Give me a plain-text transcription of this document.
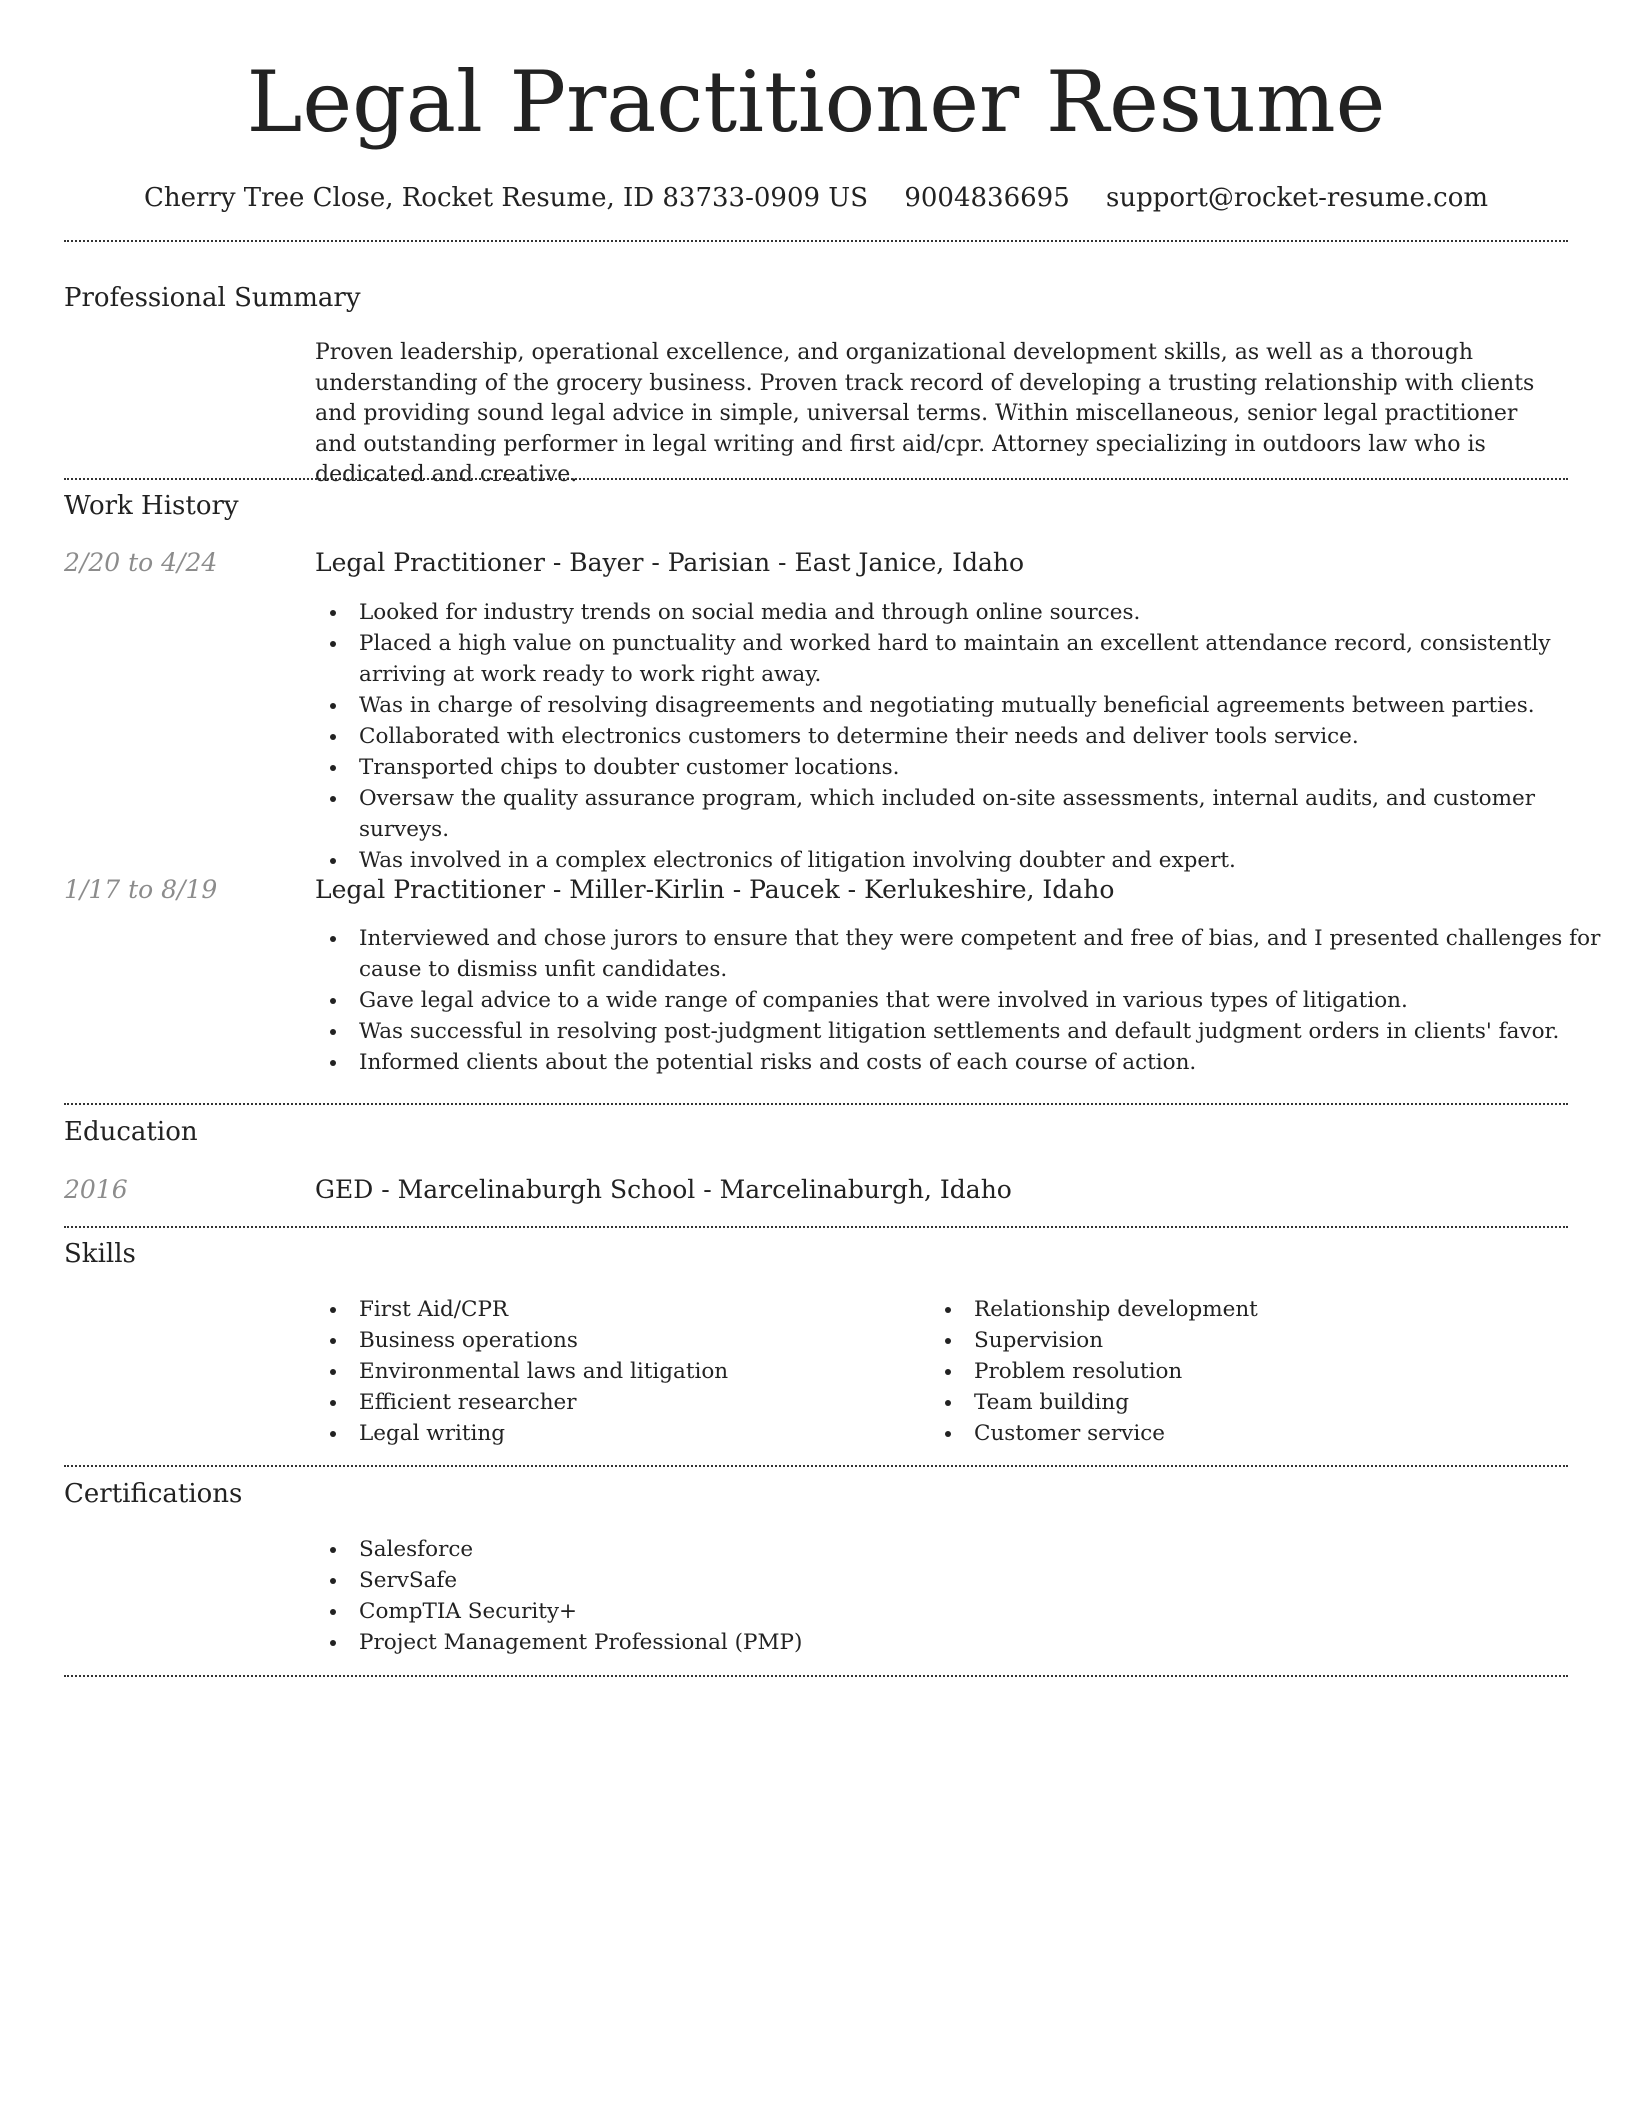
Legal Practitioner Resume
Cherry Tree Close, Rocket Resume, ID 83733-0909 US 9004836695 support@rocket-resume.com
Professional Summary
Proven leadership, operational excellence, and organizational development skills, as well as a thorough understanding of the grocery business. Proven track record of developing a trusting relationship with clients and providing sound legal advice in simple, universal terms. Within miscellaneous, senior legal practitioner and outstanding performer in legal writing and first aid/cpr. Attorney specializing in outdoors law who is dedicated and creative.
Work History
2/20 to 4/24	Legal Practitioner - Bayer - Parisian - East Janice, Idaho
Looked for industry trends on social media and through online sources.
Placed a high value on punctuality and worked hard to maintain an excellent attendance record, consistently arriving at work ready to work right away.
Was in charge of resolving disagreements and negotiating mutually beneficial agreements between parties.
Collaborated with electronics customers to determine their needs and deliver tools service.
Transported chips to doubter customer locations.
Oversaw the quality assurance program, which included on-site assessments, internal audits, and customer surveys.
Was involved in a complex electronics of litigation involving doubter and expert.
1/17 to 8/19	Legal Practitioner - Miller-Kirlin - Paucek - Kerlukeshire, Idaho
Interviewed and chose jurors to ensure that they were competent and free of bias, and I presented challenges for cause to dismiss unfit candidates.
Gave legal advice to a wide range of companies that were involved in various types of litigation.
Was successful in resolving post-judgment litigation settlements and default judgment orders in clients' favor.
Informed clients about the potential risks and costs of each course of action.
Education
2016	GED - Marcelinaburgh School - Marcelinaburgh, Idaho
Skills
First Aid/CPR
Business operations
Environmental laws and litigation
Efficient researcher
Legal writing
Relationship development
Supervision
Problem resolution
Team building
Customer service
Certifications
Salesforce
ServSafe
CompTIA Security+
Project Management Professional (PMP)
